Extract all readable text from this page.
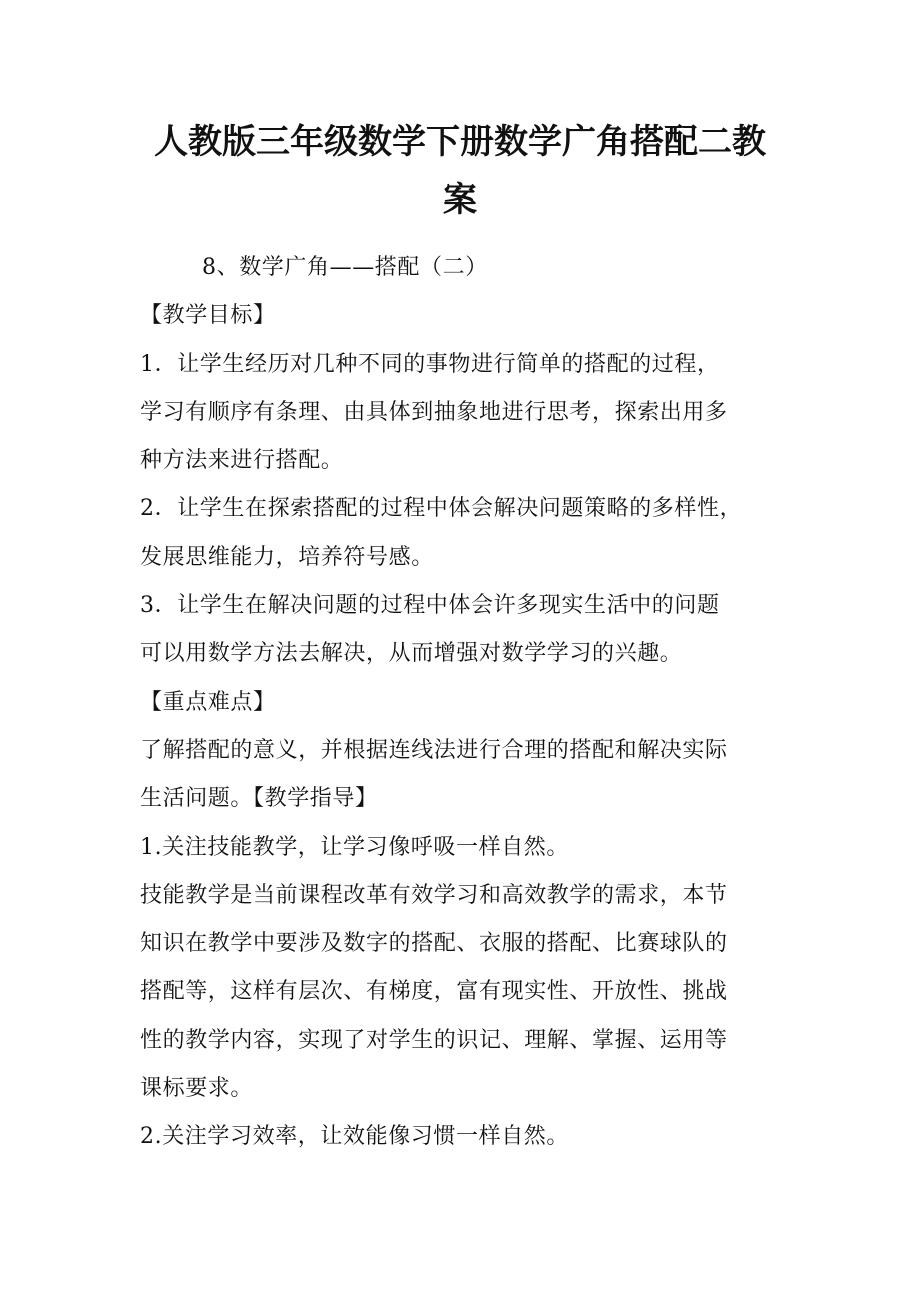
人教版三年级数学下册数学广角搭配二教
案
8、数学广角——搭配（二）
【教学目标】
1．让学生经历对几种不同的事物进行简单的搭配的过程，
学习有顺序有条理、由具体到抽象地进行思考，探索出用多
种方法来进行搭配。
2．让学生在探索搭配的过程中体会解决问题策略的多样性，
发展思维能力，培养符号感。
3．让学生在解决问题的过程中体会许多现实生活中的问题
可以用数学方法去解决，从而增强对数学学习的兴趣。
【重点难点】
了解搭配的意义，并根据连线法进行合理的搭配和解决实际
生活问题。【教学指导】
1.关注技能教学，让学习像呼吸一样自然。
技能教学是当前课程改革有效学习和高效教学的需求，本节
知识在教学中要涉及数字的搭配、衣服的搭配、比赛球队的
搭配等，这样有层次、有梯度，富有现实性、开放性、挑战
性的教学内容，实现了对学生的识记、理解、掌握、运用等
课标要求。
2.关注学习效率，让效能像习惯一样自然。
